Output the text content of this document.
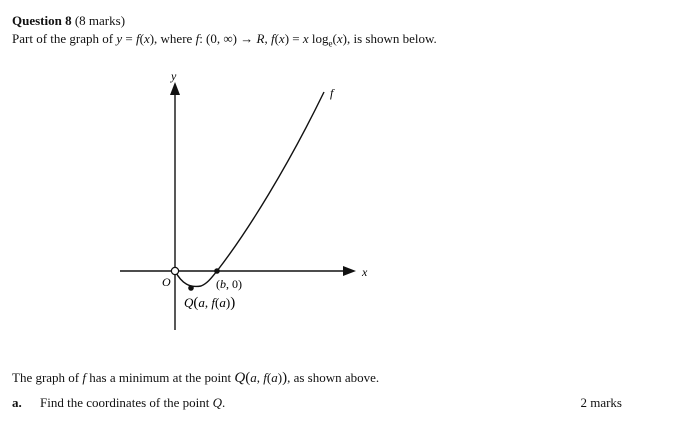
Question 8 (8 marks)
Part of the graph of y = f(x), where f: (0, ∞) → R, f(x) = x $\log_e(x)$, is shown below.
y
x
f
O	(b, 0)
Q(a, f(a))
The graph of f has a minimum at the point Q(a, f(a)), as shown above.
a. Find the coordinates of the point Q.	2 marks
